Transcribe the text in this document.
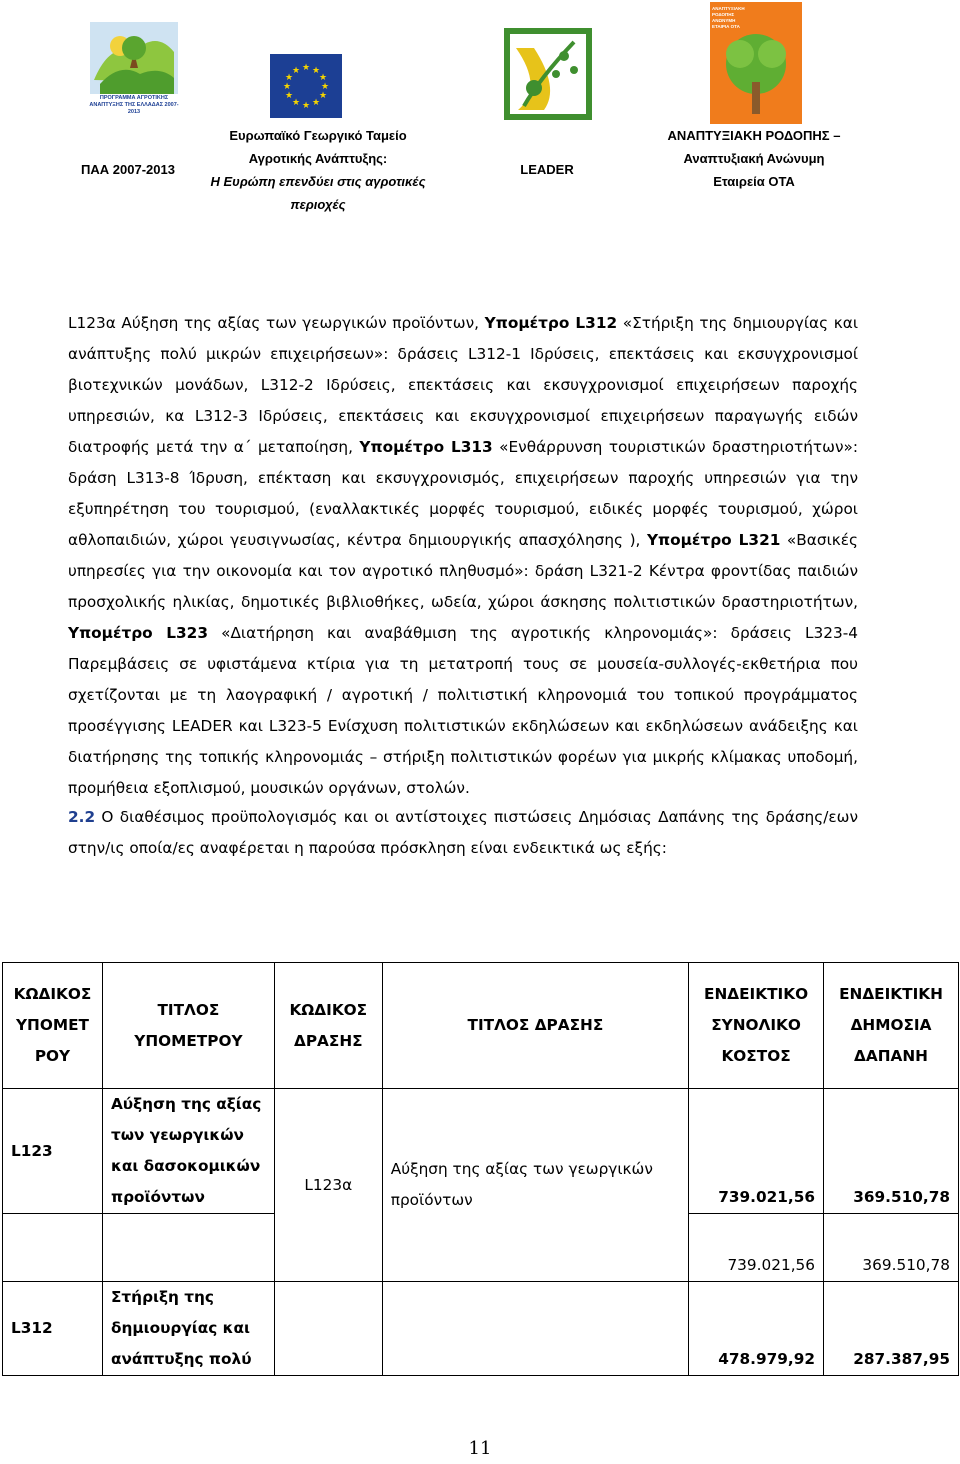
ΠΡΟΓΡΑΜΜΑ ΑΓΡΟΤΙΚΗΣ ΑΝΑΠΤΥΞΗΣ ΤΗΣ ΕΛΛΑΔΑΣ 2007-2013
★ ★
★
★
★
★
★
★
★
★
★
★
ΑΝΑΠΤΥΞΙΑΚΗ ΡΟΔΟΠΗΣ ΑΝΩΝΥΜΗ ΕΤΑΙΡΙΑ ΟΤΑ
ΠΑΑ 2007-2013
Ευρωπαϊκό Γεωργικό Ταμείο
Αγροτικής Ανάπτυξης:
Η Ευρώπη επενδύει στις αγροτικές
περιοχές
LEADER
ΑΝΑΠΤΥΞΙΑΚΗ ΡΟΔΟΠΗΣ –
Αναπτυξιακή Ανώνυμη
Εταιρεία ΟΤΑ
L123α Αύξηση της αξίας των γεωργικών προϊόντων, Υπομέτρο L312 «Στήριξη της δημιουργίας και ανάπτυξης πολύ μικρών επιχειρήσεων»: δράσεις L312-1 Ιδρύσεις, επεκτάσεις και εκσυγχρονισμοί βιοτεχνικών μονάδων, L312-2 Ιδρύσεις, επεκτάσεις και εκσυγχρονισμοί επιχειρήσεων παροχής υπηρεσιών, κα L312-3 Ιδρύσεις, επεκτάσεις και εκσυγχρονισμοί επιχειρήσεων παραγωγής ειδών διατροφής μετά την α΄ μεταποίηση, Υπομέτρο L313 «Ενθάρρυνση τουριστικών δραστηριοτήτων»: δράση L313-8 Ίδρυση, επέκταση και εκσυγχρονισμός, επιχειρήσεων παροχής υπηρεσιών για την εξυπηρέτηση του τουρισμού, (εναλλακτικές μορφές τουρισμού, ειδικές μορφές τουρισμού, χώροι αθλοπαιδιών, χώροι γευσιγνωσίας, κέντρα δημιουργικής απασχόλησης ), Υπομέτρο L321 «Βασικές υπηρεσίες για την οικονομία και τον αγροτικό πληθυσμό»: δράση L321-2 Κέντρα φροντίδας παιδιών προσχολικής ηλικίας, δημοτικές βιβλιοθήκες, ωδεία, χώροι άσκησης πολιτιστικών δραστηριοτήτων, Υπομέτρο L323 «Διατήρηση και αναβάθμιση της αγροτικής κληρονομιάς»: δράσεις L323-4 Παρεμβάσεις σε υφιστάμενα κτίρια για τη μετατροπή τους σε μουσεία-συλλογές-εκθετήρια που σχετίζονται με τη λαογραφική / αγροτική / πολιτιστική κληρονομιά του τοπικού προγράμματος προσέγγισης LEADER και L323-5 Ενίσχυση πολιτιστικών εκδηλώσεων και εκδηλώσεων ανάδειξης και διατήρησης της τοπικής κληρονομιάς – στήριξη πολιτιστικών φορέων για μικρής κλίμακας υποδομή, προμήθεια εξοπλισμού, μουσικών οργάνων, στολών.
2.2 Ο διαθέσιμος προϋπολογισμός και οι αντίστοιχες πιστώσεις Δημόσιας Δαπάνης της δράσης/εων στην/ις οποία/ες αναφέρεται η παρούσα πρόσκληση είναι ενδεικτικά ως εξής:
ΚΩΔΙΚΟΣ ΥΠΟΜΕΤ ΡΟΥ	ΤΙΤΛΟΣ ΥΠΟΜΕΤΡΟΥ	ΚΩΔΙΚΟΣ ΔΡΑΣΗΣ	ΤΙΤΛΟΣ ΔΡΑΣΗΣ	ΕΝΔΕΙΚΤΙΚΟ ΣΥΝΟΛΙΚΟ ΚΟΣΤΟΣ	ΕΝΔΕΙΚΤΙΚΗ ΔΗΜΟΣΙΑ ΔΑΠΑΝΗ
L123	Αύξηση της αξίας των γεωργικών και δασοκομικών προϊόντων	L123α	Αύξηση της αξίας των γεωργικών προϊόντων	739.021,56	369.510,78
				739.021,56	369.510,78
L312	Στήριξη της δημιουργίας και ανάπτυξης πολύ			478.979,92	287.387,95
11
